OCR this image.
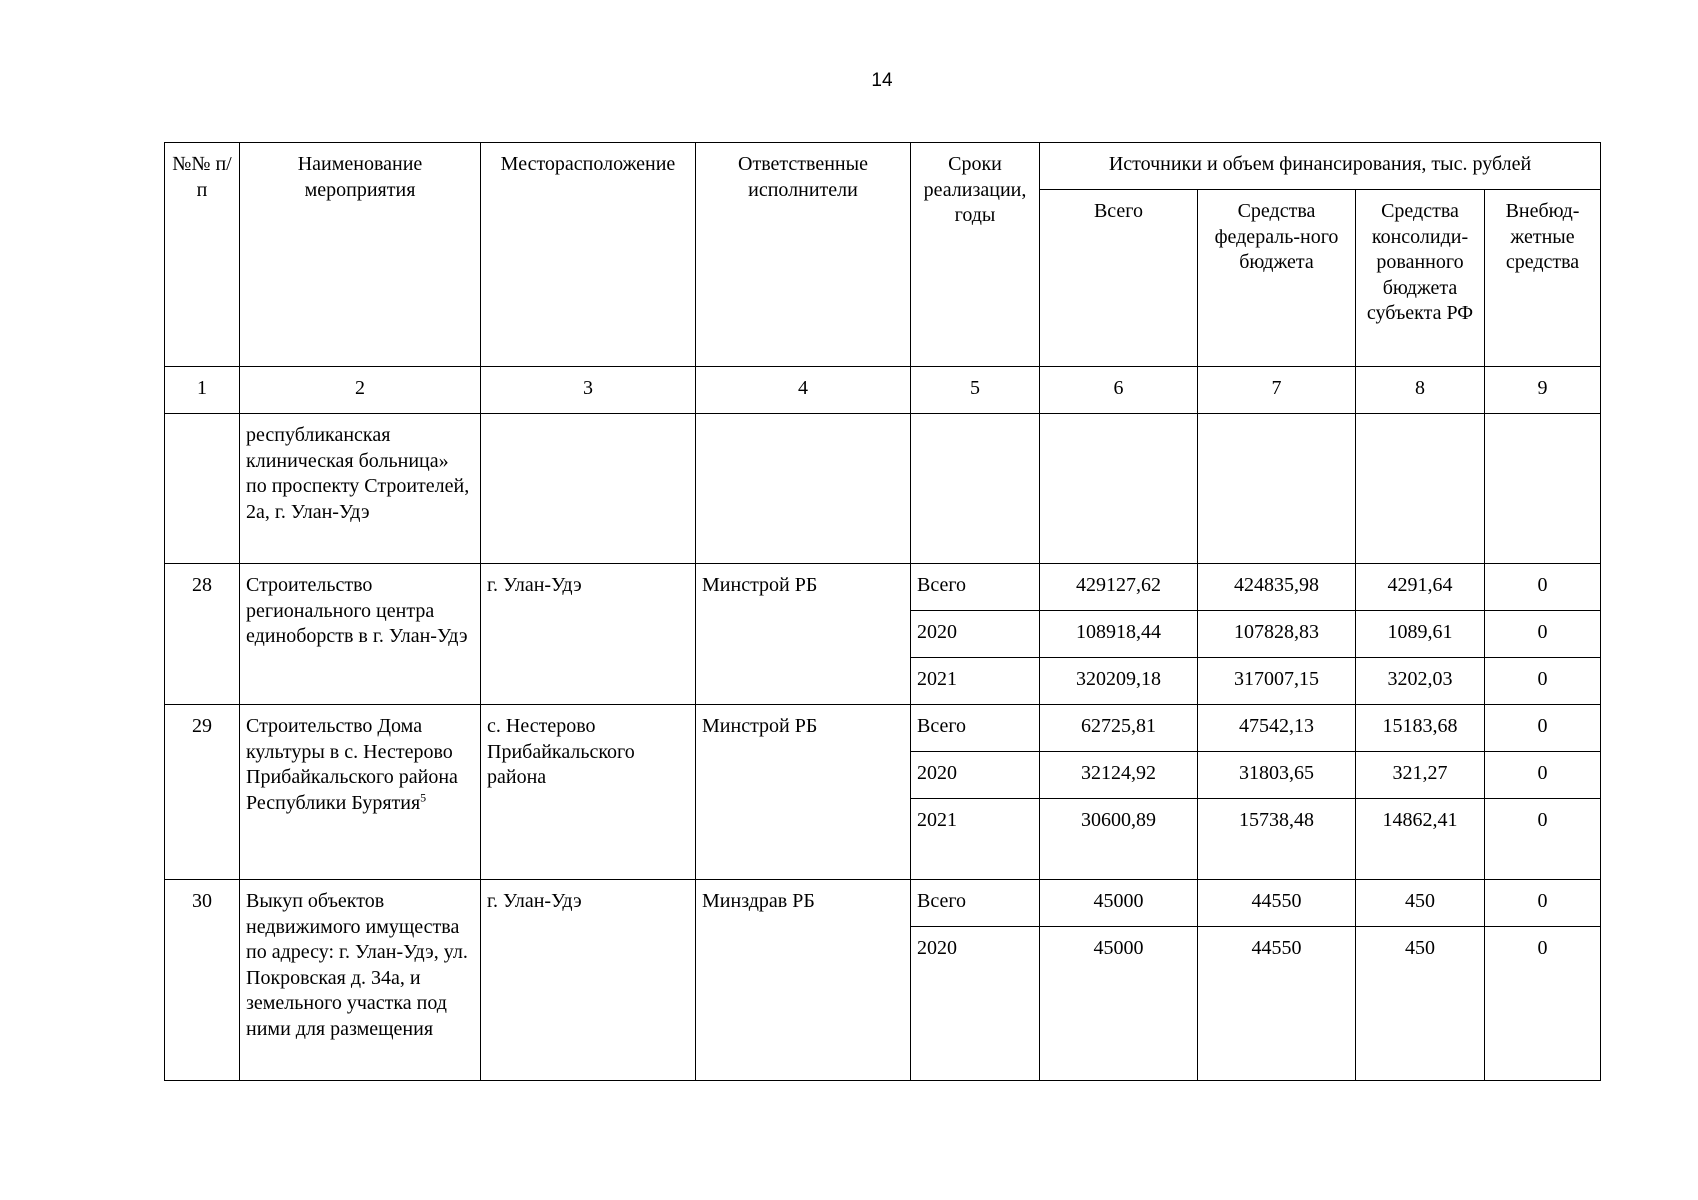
14
№№ п/п	Наименование мероприятия	Месторасположение	Ответственные исполнители	Сроки реализации, годы	Источники и объем финансирования, тыс. рублей			
					Всего	Средства федераль-ного бюджета	Средства консолиди-рованного бюджета субъекта РФ	Внебюд-жетные средства
1	2	3	4	5	6	7	8	9
	республиканская клиническая больница» по проспекту Строителей, 2а, г. Улан-Удэ							
28	Строительство регионального центра единоборств в г. Улан-Удэ	г. Улан-Удэ	Минстрой РБ	Всего	429127,62	424835,98	4291,64	0
				2020	108918,44	107828,83	1089,61	0
				2021	320209,18	317007,15	3202,03	0
29	Строительство Дома культуры в с. Нестерово Прибайкальского района Республики Бурятия$^5$	с. Нестерово Прибайкальского района	Минстрой РБ	Всего	62725,81	47542,13	15183,68	0
				2020	32124,92	31803,65	321,27	0
				2021	30600,89	15738,48	14862,41	0
30	Выкуп объектов недвижимого имущества по адресу: г. Улан-Удэ, ул. Покровская д. 34а, и земельного участка под ними для размещения	г. Улан-Удэ	Минздрав РБ	Всего	45000	44550	450	0
				2020	45000	44550	450	0
